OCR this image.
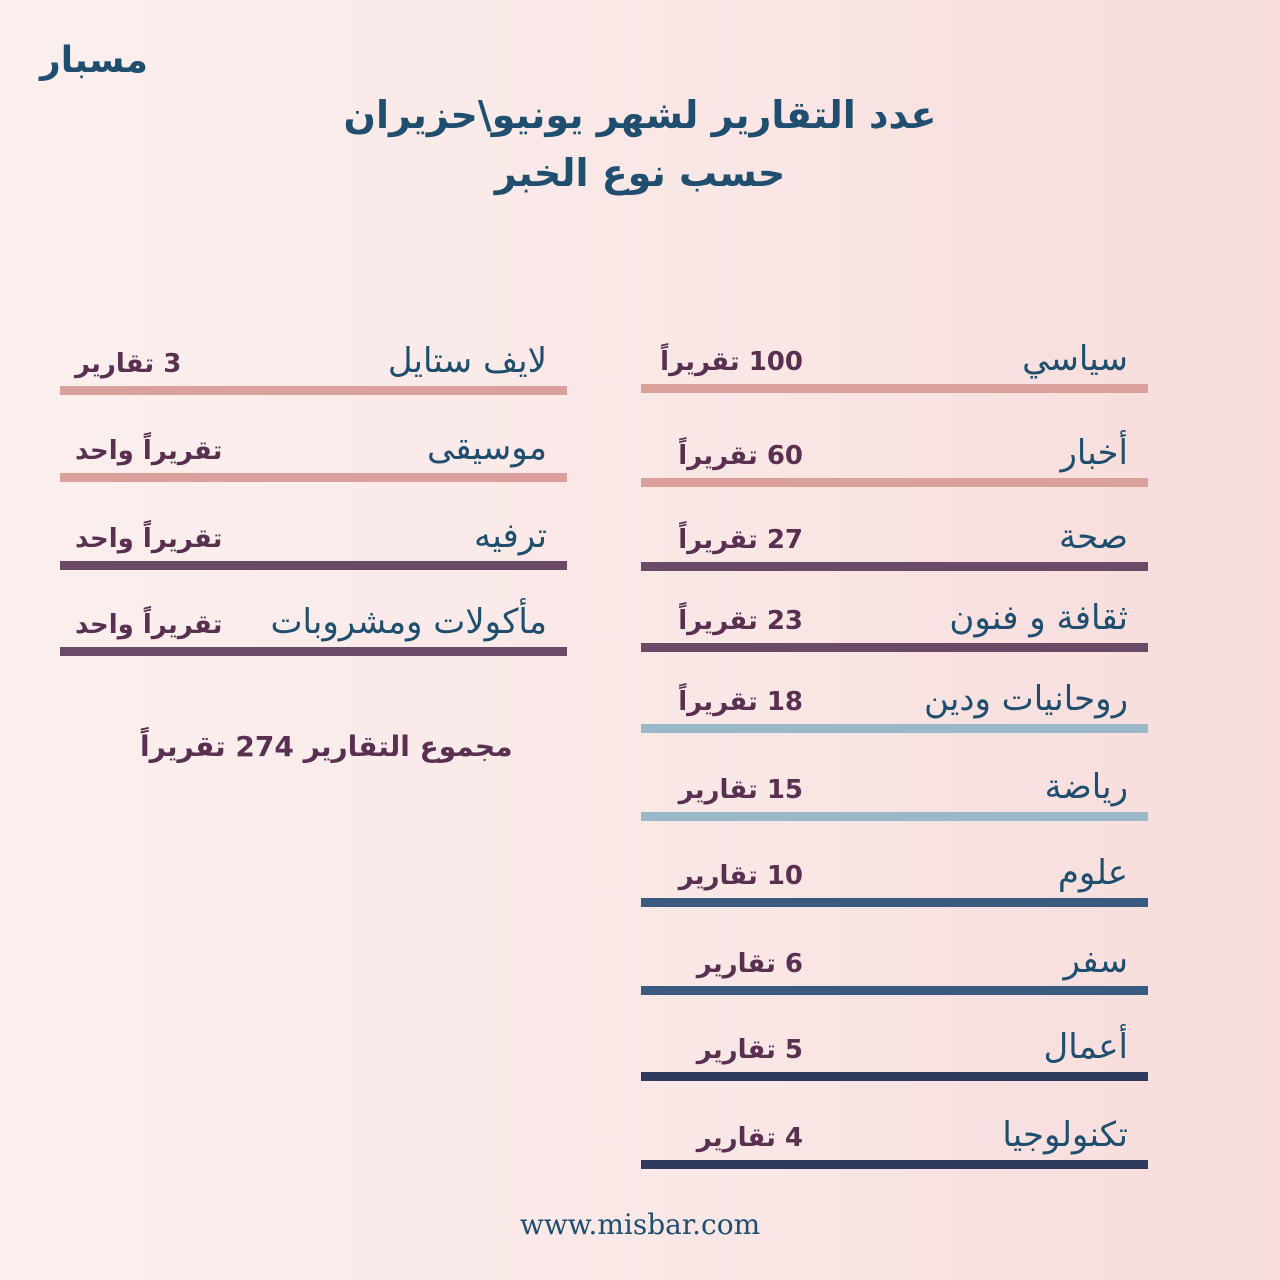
مسبار
عدد التقارير لشهر يونيو\حزيران
حسب نوع الخبر
سياسي
100 تقريراً
أخبار
60 تقريراً
صحة
27 تقريراً
ثقافة و فنون
23 تقريراً
روحانيات ودين
18 تقريراً
رياضة
15 تقارير
علوم
10 تقارير
سفر
6 تقارير
أعمال
5 تقارير
تكنولوجيا
4 تقارير
لايف ستايل
3 تقارير
موسيقى
تقريراً واحد
ترفيه
تقريراً واحد
مأكولات ومشروبات
تقريراً واحد
مجموع التقارير 274 تقريراً
www.misbar.com
